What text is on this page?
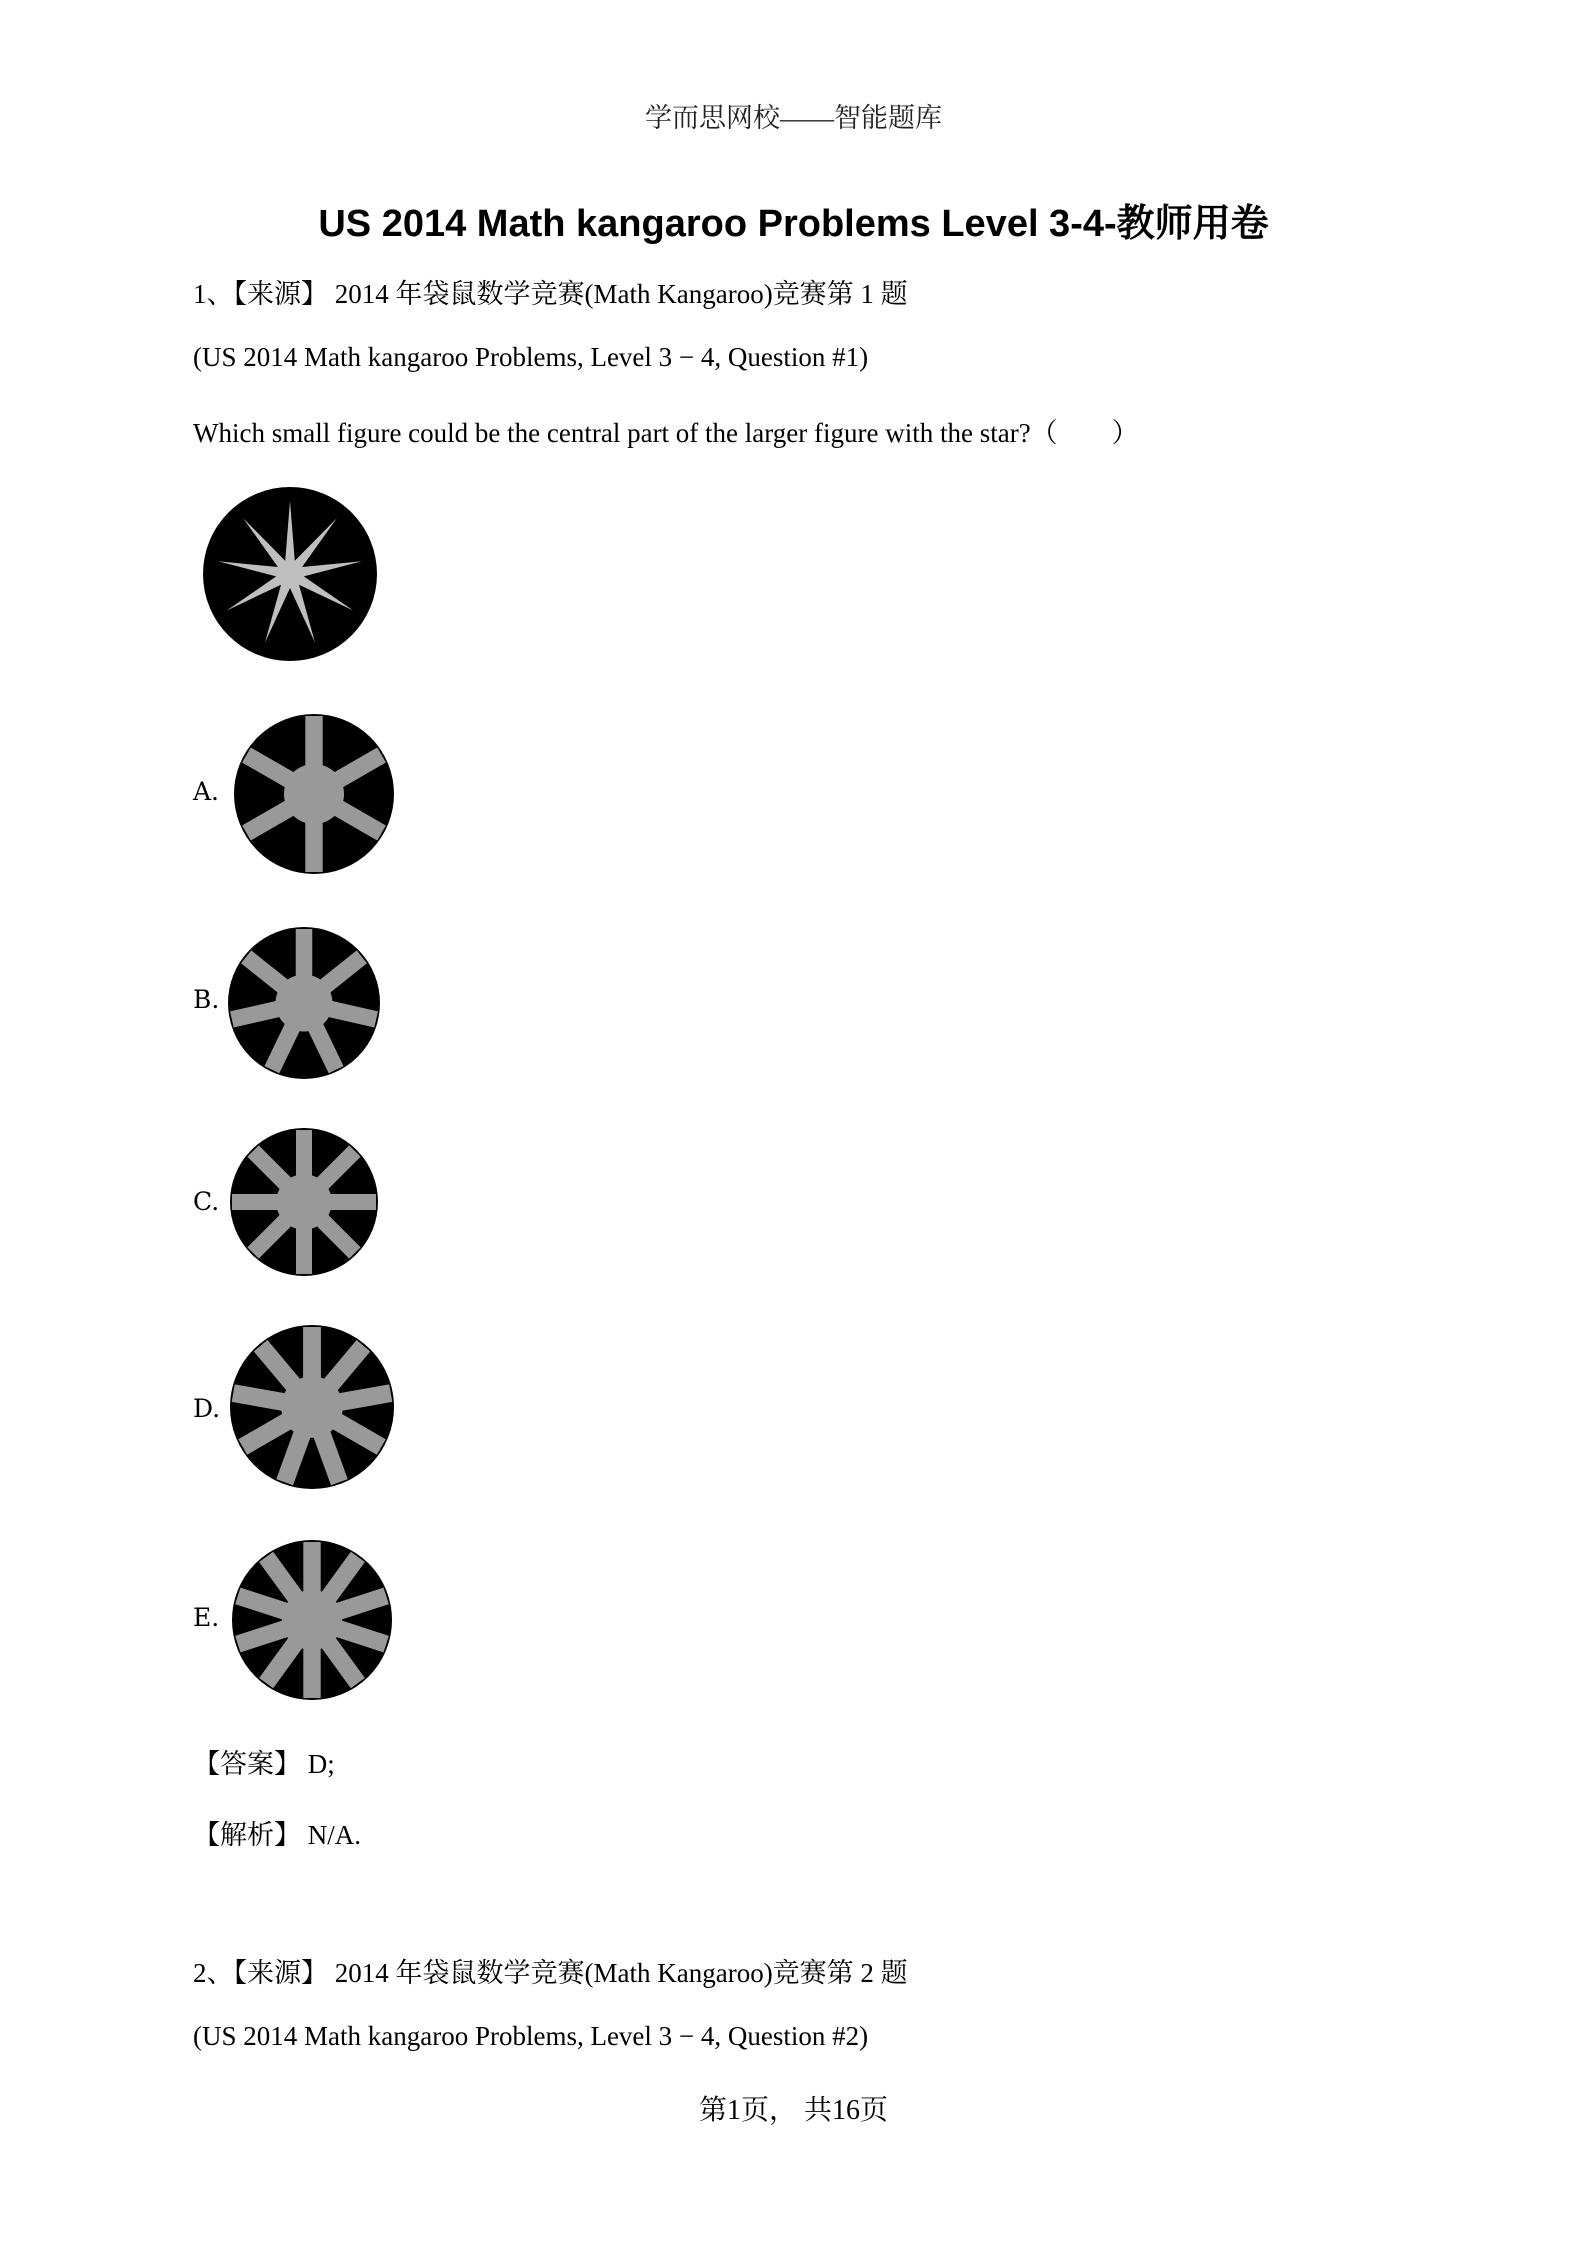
学而思网校——智能题库
US 2014 Math kangaroo Problems Level 3-4-教师用卷
1、【来源】 2014 年袋鼠数学竞赛(Math Kangaroo)竞赛第 1 题
(US 2014 Math kangaroo Problems, Level 3 − 4, Question #1)
Which small figure could be the central part of the larger figure with the star?（　　）
A.
B.
C.
D.
E.
【答案】 D;
【解析】 N/A.
2、【来源】 2014 年袋鼠数学竞赛(Math Kangaroo)竞赛第 2 题
(US 2014 Math kangaroo Problems, Level 3 − 4, Question #2)
第1页， 共16页
